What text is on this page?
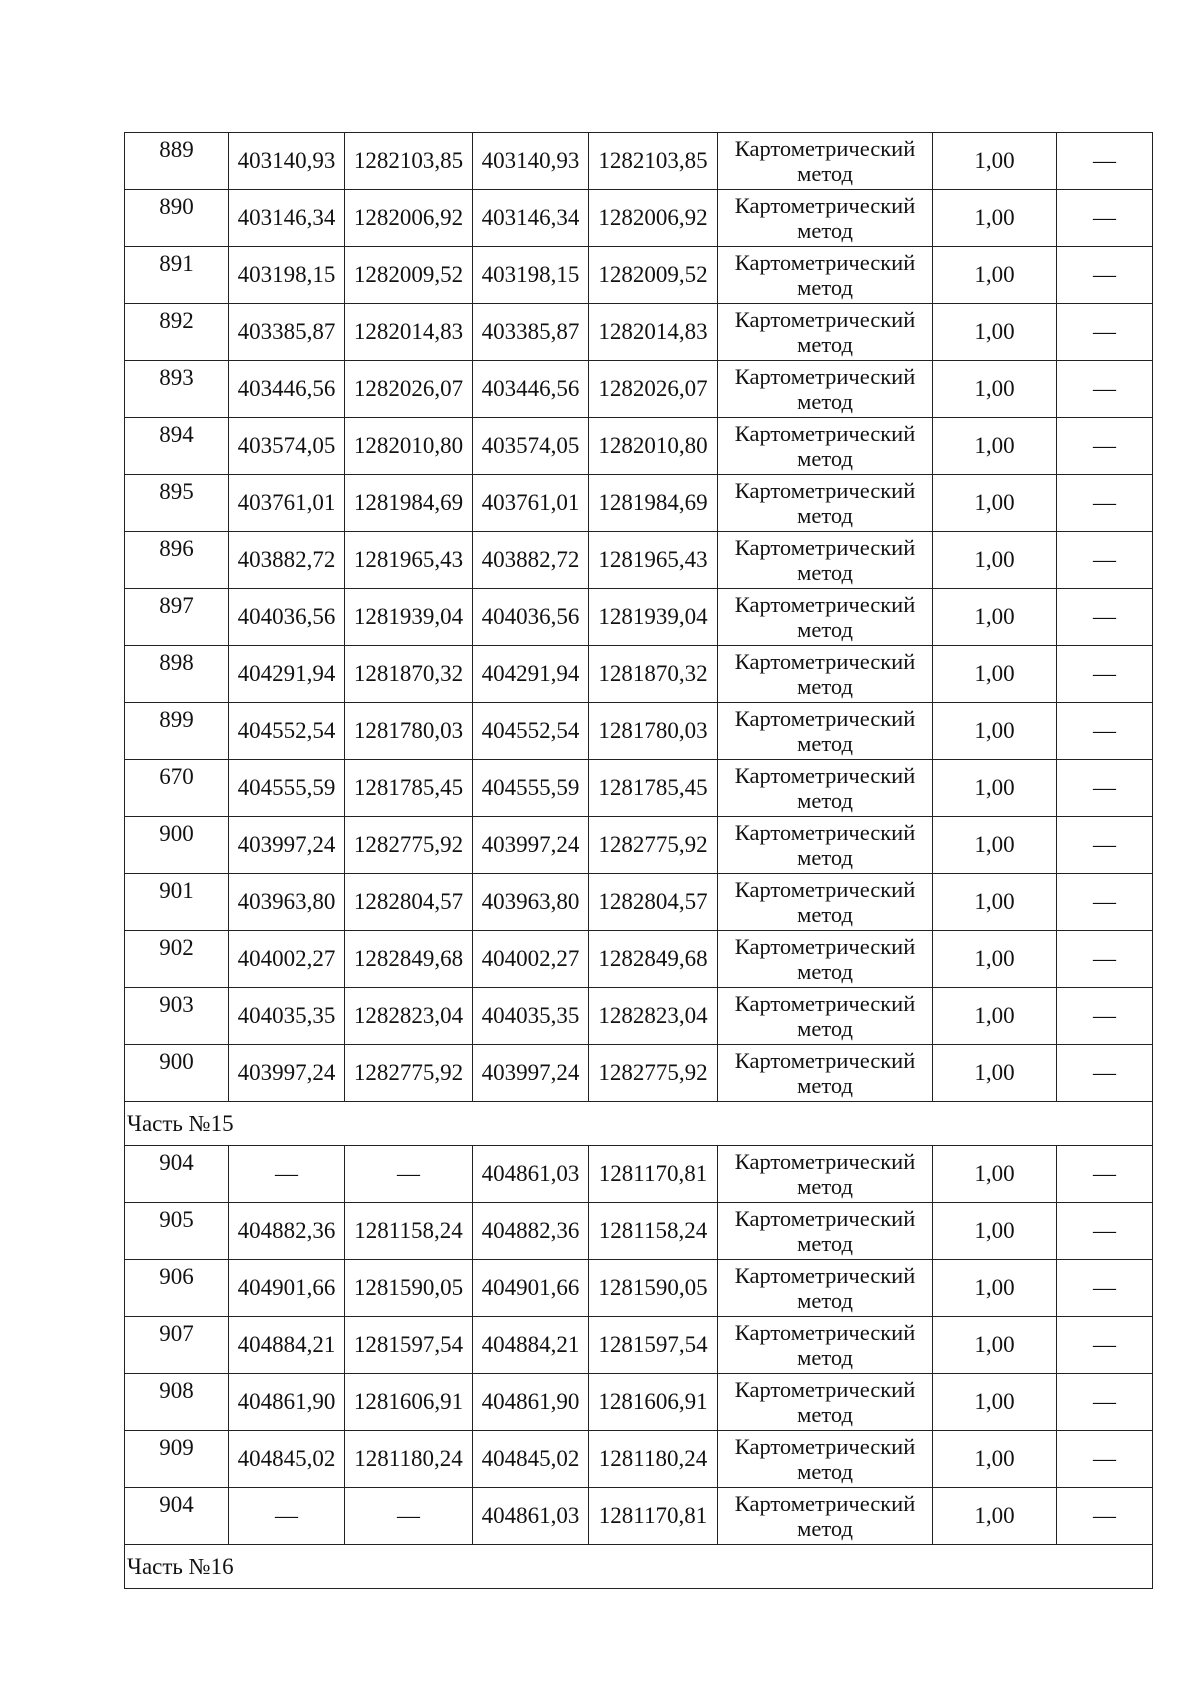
889	403140,93	1282103,85	403140,93	1282103,85	Картометрический метод	1,00	—
890	403146,34	1282006,92	403146,34	1282006,92	Картометрический метод	1,00	—
891	403198,15	1282009,52	403198,15	1282009,52	Картометрический метод	1,00	—
892	403385,87	1282014,83	403385,87	1282014,83	Картометрический метод	1,00	—
893	403446,56	1282026,07	403446,56	1282026,07	Картометрический метод	1,00	—
894	403574,05	1282010,80	403574,05	1282010,80	Картометрический метод	1,00	—
895	403761,01	1281984,69	403761,01	1281984,69	Картометрический метод	1,00	—
896	403882,72	1281965,43	403882,72	1281965,43	Картометрический метод	1,00	—
897	404036,56	1281939,04	404036,56	1281939,04	Картометрический метод	1,00	—
898	404291,94	1281870,32	404291,94	1281870,32	Картометрический метод	1,00	—
899	404552,54	1281780,03	404552,54	1281780,03	Картометрический метод	1,00	—
670	404555,59	1281785,45	404555,59	1281785,45	Картометрический метод	1,00	—
900	403997,24	1282775,92	403997,24	1282775,92	Картометрический метод	1,00	—
901	403963,80	1282804,57	403963,80	1282804,57	Картометрический метод	1,00	—
902	404002,27	1282849,68	404002,27	1282849,68	Картометрический метод	1,00	—
903	404035,35	1282823,04	404035,35	1282823,04	Картометрический метод	1,00	—
900	403997,24	1282775,92	403997,24	1282775,92	Картометрический метод	1,00	—
Часть №15							
904	—	—	404861,03	1281170,81	Картометрический метод	1,00	—
905	404882,36	1281158,24	404882,36	1281158,24	Картометрический метод	1,00	—
906	404901,66	1281590,05	404901,66	1281590,05	Картометрический метод	1,00	—
907	404884,21	1281597,54	404884,21	1281597,54	Картометрический метод	1,00	—
908	404861,90	1281606,91	404861,90	1281606,91	Картометрический метод	1,00	—
909	404845,02	1281180,24	404845,02	1281180,24	Картометрический метод	1,00	—
904	—	—	404861,03	1281170,81	Картометрический метод	1,00	—
Часть №16							
